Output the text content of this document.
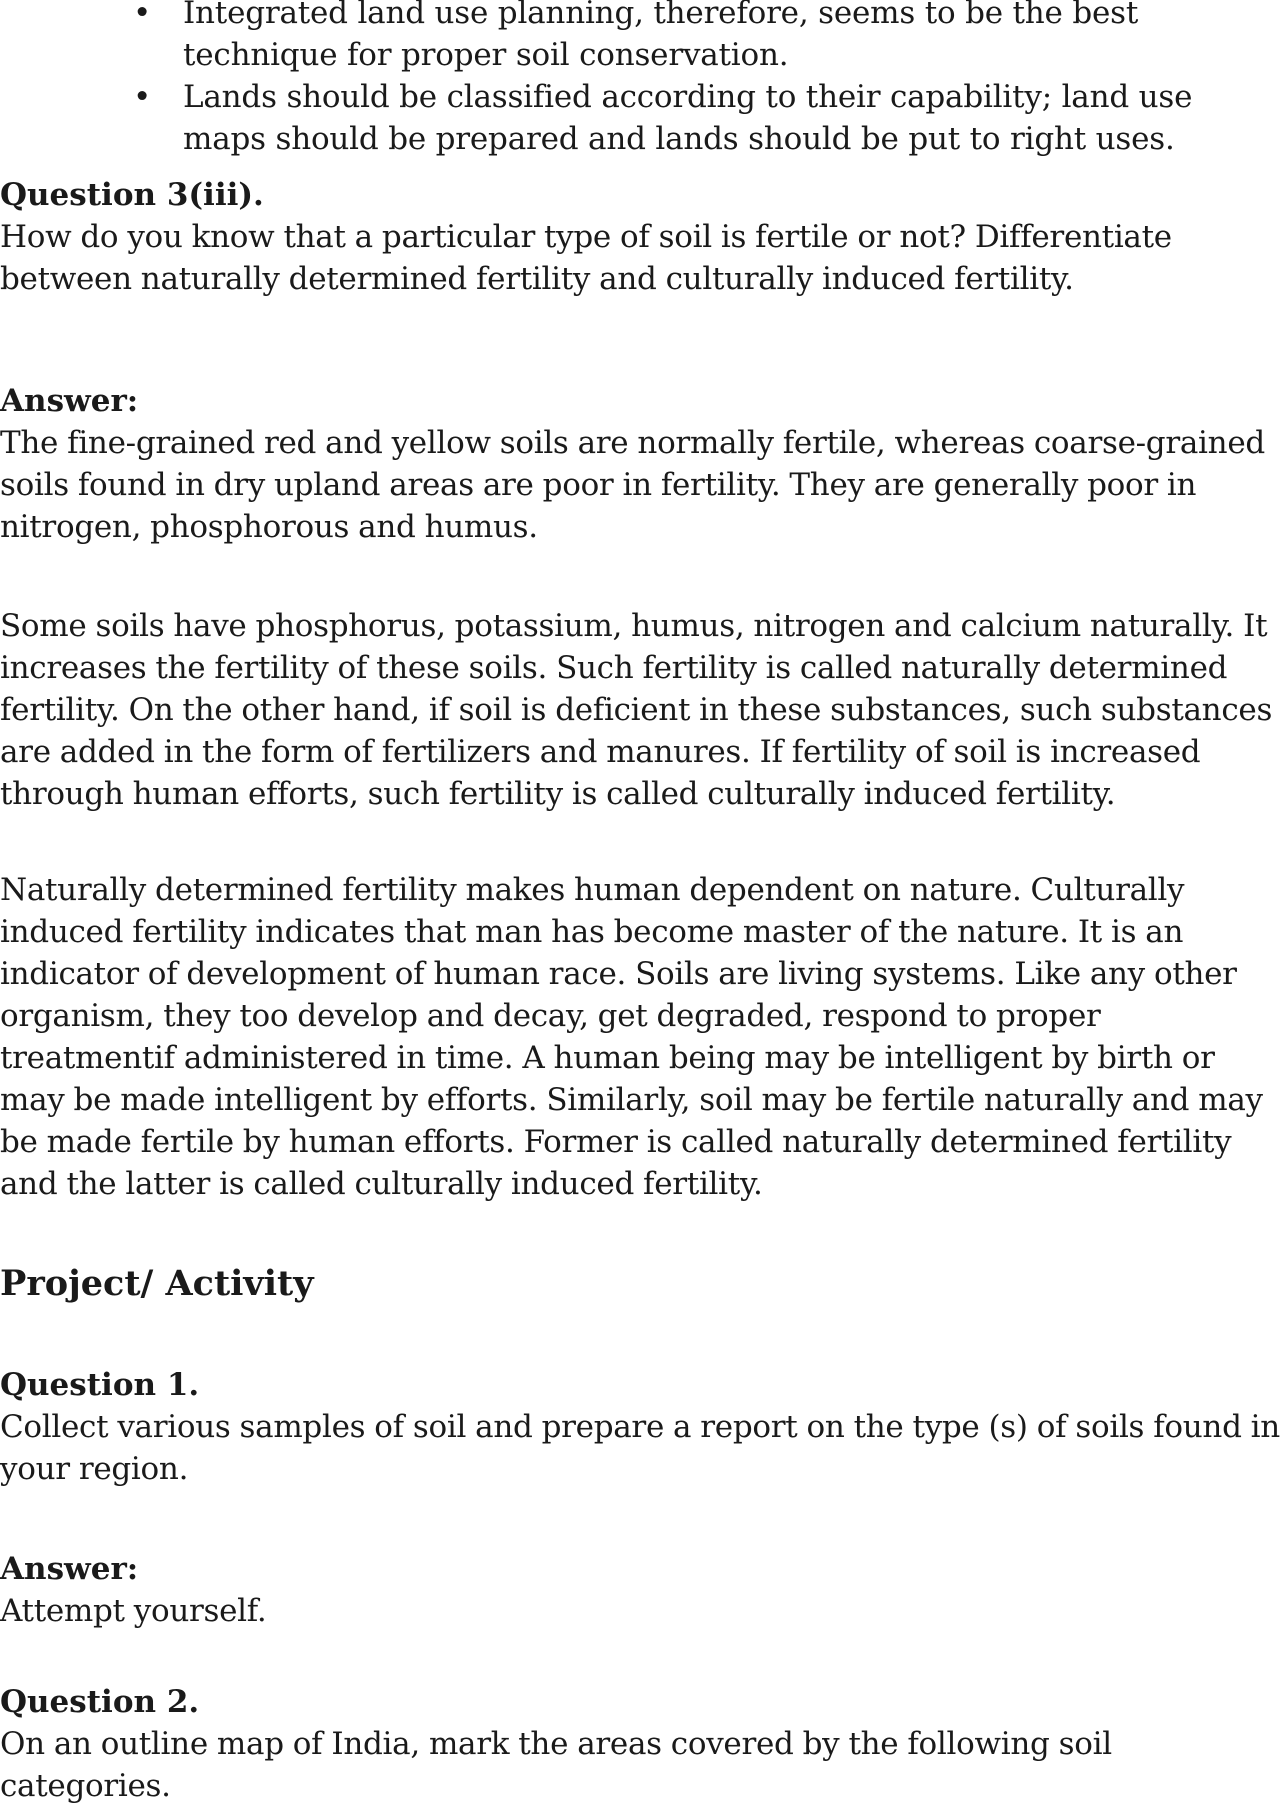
• Integrated land use planning, therefore, seems to be the best technique for proper soil conservation.
• Lands should be classified according to their capability; land use maps should be prepared and lands should be put to right uses.

Question 3(iii).

How do you know that a particular type of soil is fertile or not? Differentiate between naturally determined fertility and culturally induced fertility.

Answer:

The fine-grained red and yellow soils are normally fertile, whereas coarse-grained soils found in dry upland areas are poor in fertility. They are generally poor in nitrogen, phosphorous and humus.

Some soils have phosphorus, potassium, humus, nitrogen and calcium naturally. It increases the fertility of these soils. Such fertility is called naturally determined fertility. On the other hand, if soil is deficient in these substances, such substances are added in the form of fertilizers and manures. If fertility of soil is increased through human efforts, such fertility is called culturally induced fertility.

Naturally determined fertility makes human dependent on nature. Culturally induced fertility indicates that man has become master of the nature. It is an indicator of development of human race. Soils are living systems. Like any other organism, they too develop and decay, get degraded, respond to proper treatmentif administered in time. A human being may be intelligent by birth or may be made intelligent by efforts. Similarly, soil may be fertile naturally and may be made fertile by human efforts. Former is called naturally determined fertility and the latter is called culturally induced fertility.

Project/ Activity

Question 1.

Collect various samples of soil and prepare a report on the type (s) of soils found in your region.

Answer:

Attempt yourself.

Question 2.

On an outline map of India, mark the areas covered by the following soil categories.
